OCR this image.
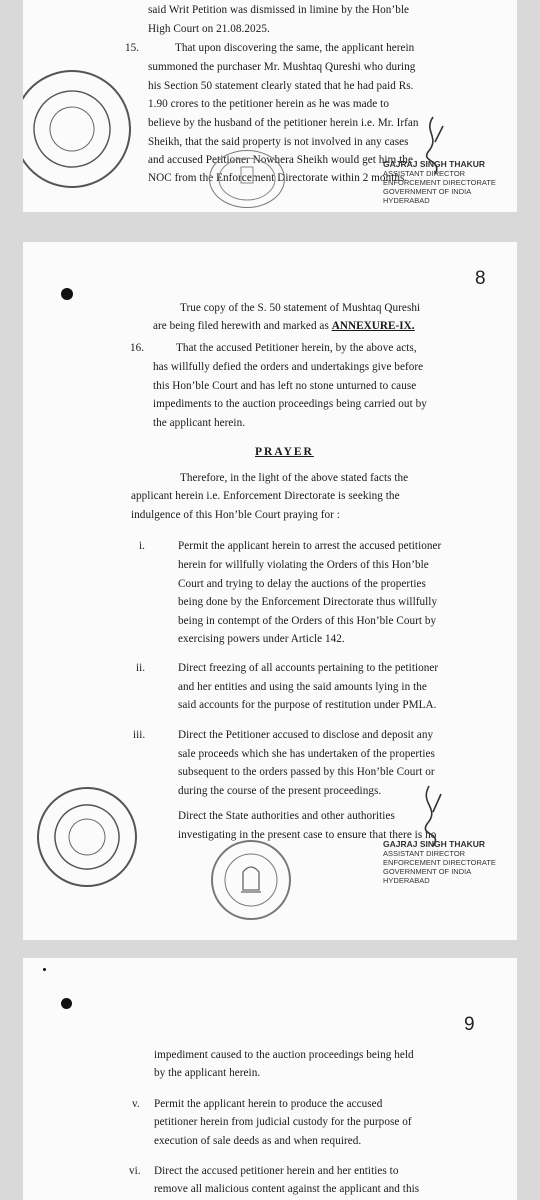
said Writ Petition was dismissed in limine by the Hon’ble
High Court on 21.08.2025.
15.	That upon discovering the same, the applicant herein
summoned the purchaser Mr. Mushtaq Qureshi who during
his Section 50 statement clearly stated that he had paid Rs.
1.90 crores to the petitioner herein as he was made to
believe by the husband of the petitioner herein i.e. Mr. Irfan
Sheikh, that the said property is not involved in any cases
and accused Petitioner Nowhera Sheikh would get him the
NOC from the Enforcement Directorate within 2 months.
GAJRAJ SINGH THAKUR
ASSISTANT DIRECTOR
ENFORCEMENT DIRECTORATE
GOVERNMENT OF INDIA
HYDERABAD
8
True copy of the S. 50 statement of Mushtaq Qureshi
are being filed herewith and marked as ANNEXURE-IX.
16.	That the accused Petitioner herein, by the above acts,
has willfully defied the orders and undertakings give before
this Hon’ble Court and has left no stone unturned to cause
impediments to the auction proceedings being carried out by
the applicant herein.
PRAYER
Therefore, in the light of the above stated facts the
applicant herein i.e. Enforcement Directorate is seeking the
indulgence of this Hon’ble Court praying for :
i.	Permit the applicant herein to arrest the accused petitioner
herein for willfully violating the Orders of this Hon’ble
Court and trying to delay the auctions of the properties
being done by the Enforcement Directorate thus willfully
being in contempt of the Orders of this Hon’ble Court by
exercising powers under Article 142.
ii.	Direct freezing of all accounts pertaining to the petitioner
and her entities and using the said amounts lying in the
said accounts for the purpose of restitution under PMLA.
iii.	Direct the Petitioner accused to disclose and deposit any
sale proceeds which she has undertaken of the properties
subsequent to the orders passed by this Hon’ble Court or
during the course of the present proceedings.
Direct the State authorities and other authorities
investigating in the present case to ensure that there is no
GAJRAJ SINGH THAKUR
ASSISTANT DIRECTOR
ENFORCEMENT DIRECTORATE
GOVERNMENT OF INDIA
HYDERABAD
9
impediment caused to the auction proceedings being held
by the applicant herein.
v. Permit the applicant herein to produce the accused
petitioner herein from judicial custody for the purpose of
execution of sale deeds as and when required.
vi. Direct the accused petitioner herein and her entities to
remove all malicious content against the applicant and this
